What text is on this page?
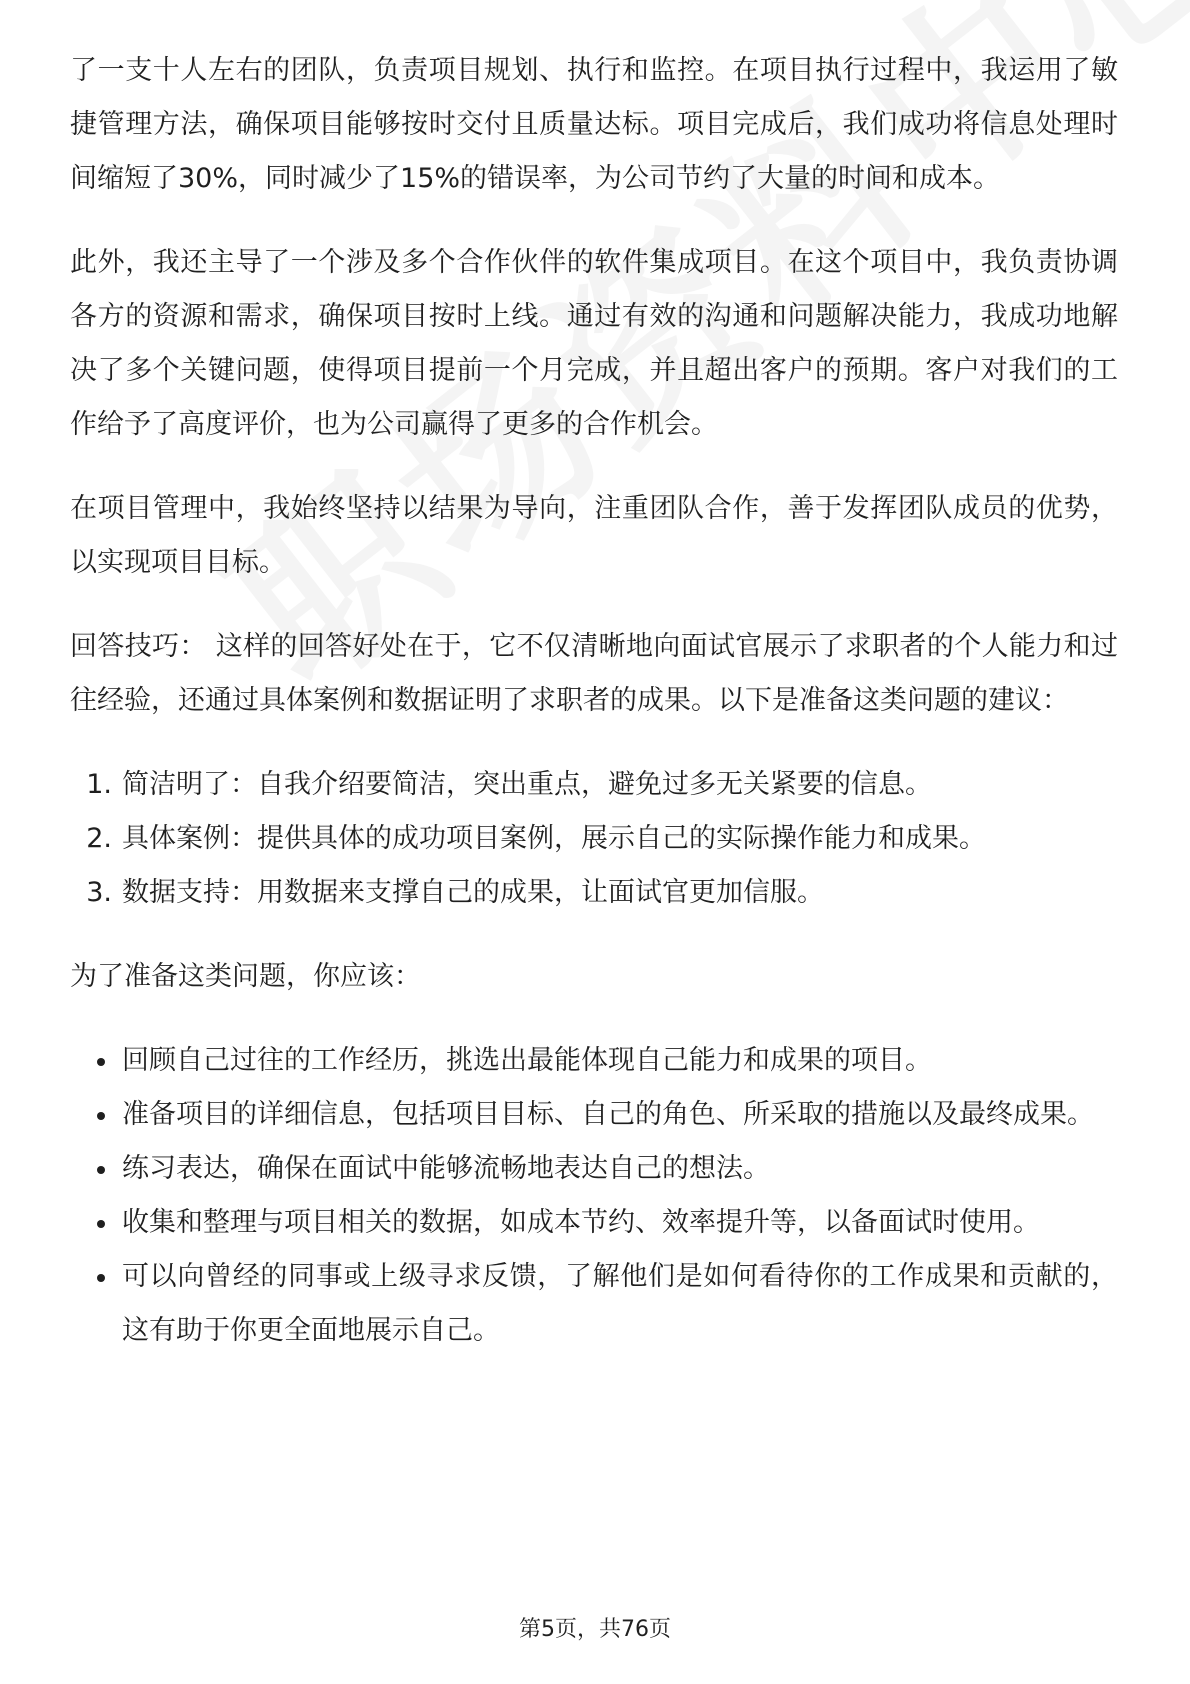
了一支十人左右的团队，负责项目规划、执行和监控。在项目执行过程中，我运用了敏捷管理方法，确保项目能够按时交付且质量达标。项目完成后，我们成功将信息处理时间缩短了30%，同时减少了15%的错误率，为公司节约了大量的时间和成本。

此外，我还主导了一个涉及多个合作伙伴的软件集成项目。在这个项目中，我负责协调各方的资源和需求，确保项目按时上线。通过有效的沟通和问题解决能力，我成功地解决了多个关键问题，使得项目提前一个月完成，并且超出客户的预期。客户对我们的工作给予了高度评价，也为公司赢得了更多的合作机会。

在项目管理中，我始终坚持以结果为导向，注重团队合作，善于发挥团队成员的优势，以实现项目目标。

回答技巧： 这样的回答好处在于，它不仅清晰地向面试官展示了求职者的个人能力和过往经验，还通过具体案例和数据证明了求职者的成果。以下是准备这类问题的建议：

1. 简洁明了：自我介绍要简洁，突出重点，避免过多无关紧要的信息。
2. 具体案例：提供具体的成功项目案例，展示自己的实际操作能力和成果。
3. 数据支持：用数据来支撑自己的成果，让面试官更加信服。

为了准备这类问题，你应该：

回顾自己过往的工作经历，挑选出最能体现自己能力和成果的项目。
准备项目的详细信息，包括项目目标、自己的角色、所采取的措施以及最终成果。
练习表达，确保在面试中能够流畅地表达自己的想法。
收集和整理与项目相关的数据，如成本节约、效率提升等，以备面试时使用。
可以向曾经的同事或上级寻求反馈，了解他们是如何看待你的工作成果和贡献的，这有助于你更全面地展示自己。
第5页，共76页
